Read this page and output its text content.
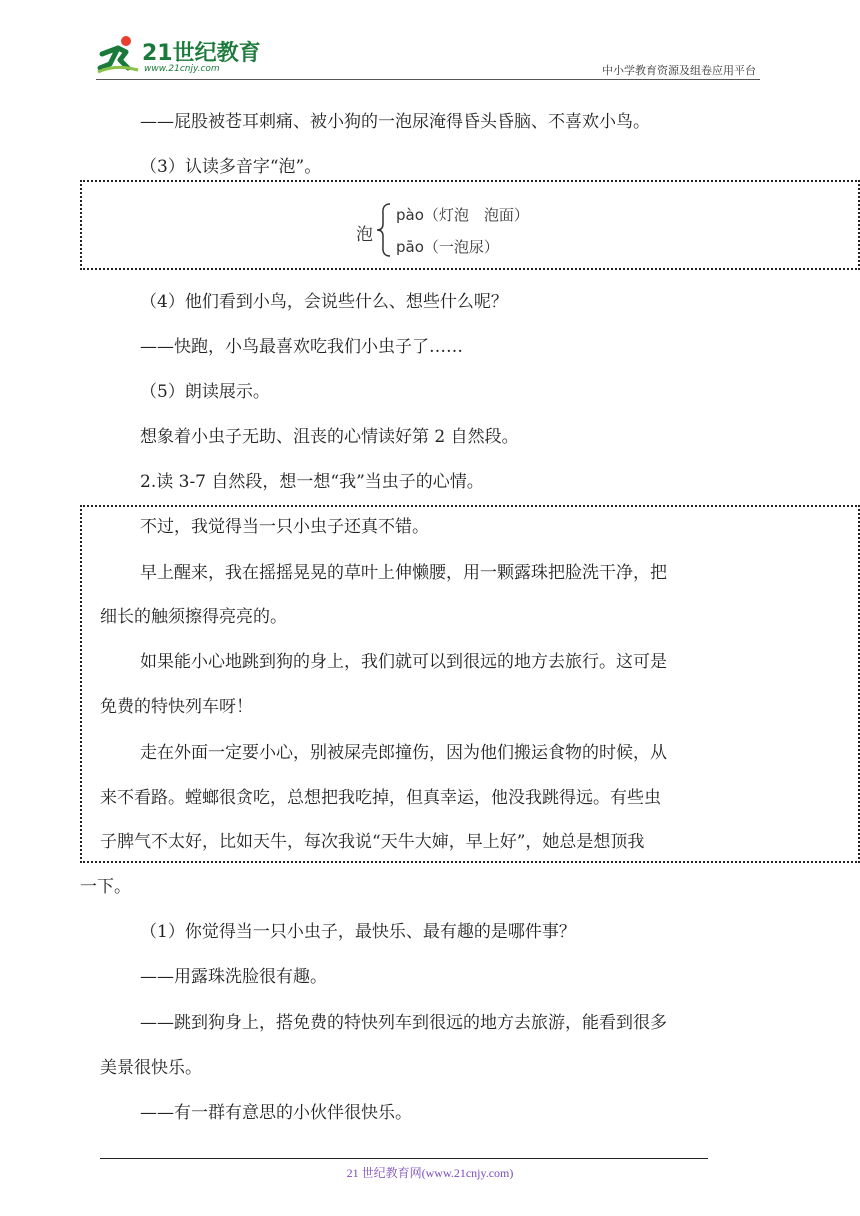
21世纪教育
www.21cnjy.com	中小学教育资源及组卷应用平台
——屁股被苍耳刺痛、被小狗的一泡尿淹得昏头昏脑、不喜欢小鸟。
（3）认读多音字“泡”。
泡
pào（灯泡　泡面）
pāo（一泡尿）
（4）他们看到小鸟，会说些什么、想些什么呢？
——快跑，小鸟最喜欢吃我们小虫子了……
（5）朗读展示。
想象着小虫子无助、沮丧的心情读好第 2 自然段。
2.读 3-7 自然段，想一想“我”当虫子的心情。
不过，我觉得当一只小虫子还真不错。
早上醒来，我在摇摇晃晃的草叶上伸懒腰，用一颗露珠把脸洗干净，把
细长的触须擦得亮亮的。
如果能小心地跳到狗的身上，我们就可以到很远的地方去旅行。这可是
免费的特快列车呀！
走在外面一定要小心，别被屎壳郎撞伤，因为他们搬运食物的时候，从
来不看路。螳螂很贪吃，总想把我吃掉，但真幸运，他没我跳得远。有些虫
子脾气不太好，比如天牛，每次我说“天牛大婶，早上好”，她总是想顶我
一下。
（1）你觉得当一只小虫子，最快乐、最有趣的是哪件事？
——用露珠洗脸很有趣。
——跳到狗身上，搭免费的特快列车到很远的地方去旅游，能看到很多
美景很快乐。
——有一群有意思的小伙伴很快乐。
21 世纪教育网(www.21cnjy.com)
